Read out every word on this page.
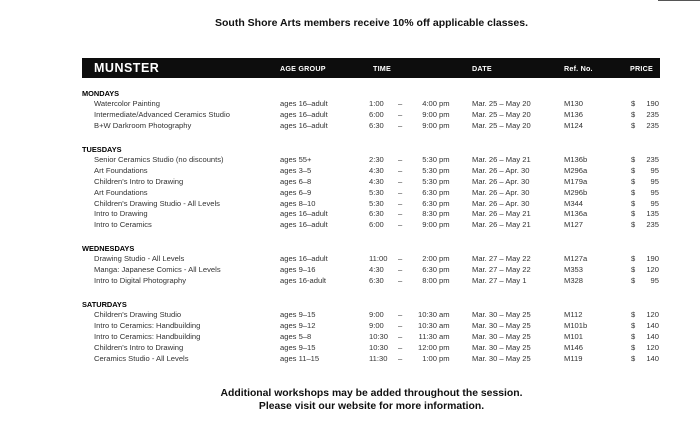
South Shore Arts members receive 10% off applicable classes.
MUNSTER	AGE GROUP	TIME	DATE	Ref. No.	PRICE
MONDAYS
Watercolor Painting	ages 16–adult	1:00	–	4:00 pm	Mar. 25 – May 20	M130	$	190
Intermediate/Advanced Ceramics Studio	ages 16–adult	6:00	–	9:00 pm	Mar. 25 – May 20	M136	$	235
B+W Darkroom Photography	ages 16–adult	6:30	–	9:00 pm	Mar. 25 – May 20	M124	$	235
TUESDAYS
Senior Ceramics Studio (no discounts)	ages 55+	2:30	–	5:30 pm	Mar. 26 – May 21	M136b	$	235
Art Foundations	ages 3–5	4:30	–	5:30 pm	Mar. 26 – Apr. 30	M296a	$	95
Children's Intro to Drawing	ages 6–8	4:30	–	5:30 pm	Mar. 26 – Apr. 30	M179a	$	95
Art Foundations	ages 6–9	5:30	–	6:30 pm	Mar. 26 – Apr. 30	M296b	$	95
Children's Drawing Studio - All Levels	ages 8–10	5:30	–	6:30 pm	Mar. 26 – Apr. 30	M344	$	95
Intro to Drawing	ages 16–adult	6:30	–	8:30 pm	Mar. 26 – May 21	M136a	$	135
Intro to Ceramics	ages 16–adult	6:00	–	9:00 pm	Mar. 26 – May 21	M127	$	235
WEDNESDAYS
Drawing Studio - All Levels	ages 16–adult	11:00	–	2:00 pm	Mar. 27 – May 22	M127a	$	190
Manga: Japanese Comics - All Levels	ages 9–16	4:30	–	6:30 pm	Mar. 27 – May 22	M353	$	120
Intro to Digital Photography	ages 16-adult	6:30	–	8:00 pm	Mar. 27 – May 1	M328	$	95
SATURDAYS
Children's Drawing Studio	ages 9–15	9:00	–	10:30 am	Mar. 30 – May 25	M112	$	120
Intro to Ceramics: Handbuilding	ages 9–12	9:00	–	10:30 am	Mar. 30 – May 25	M101b	$	140
Intro to Ceramics: Handbuilding	ages 5–8	10:30	–	11:30 am	Mar. 30 – May 25	M101	$	140
Children's Intro to Drawing	ages 9–15	10:30	–	12:00 pm	Mar. 30 – May 25	M146	$	120
Ceramics Studio - All Levels	ages 11–15	11:30	–	1:00 pm	Mar. 30 – May 25	M119	$	140
Additional workshops may be added throughout the session.
Please visit our website for more information.
